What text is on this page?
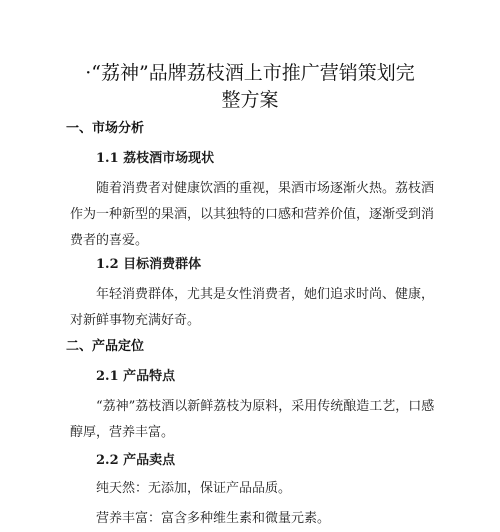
·“荔神”品牌荔枝酒上市推广营销策划完整方案
一、市场分析
1.1 荔枝酒市场现状

随着消费者对健康饮酒的重视，果酒市场逐渐火热。荔枝酒作为一种新型的果酒，以其独特的口感和营养价值，逐渐受到消费者的喜爱。

1.2 目标消费群体

年轻消费群体，尤其是女性消费者，她们追求时尚、健康，对新鲜事物充满好奇。

二、产品定位
2.1 产品特点

“荔神”荔枝酒以新鲜荔枝为原料，采用传统酿造工艺，口感醇厚，营养丰富。

2.2 产品卖点

纯天然：无添加，保证产品品质。

营养丰富：富含多种维生素和微量元素。
